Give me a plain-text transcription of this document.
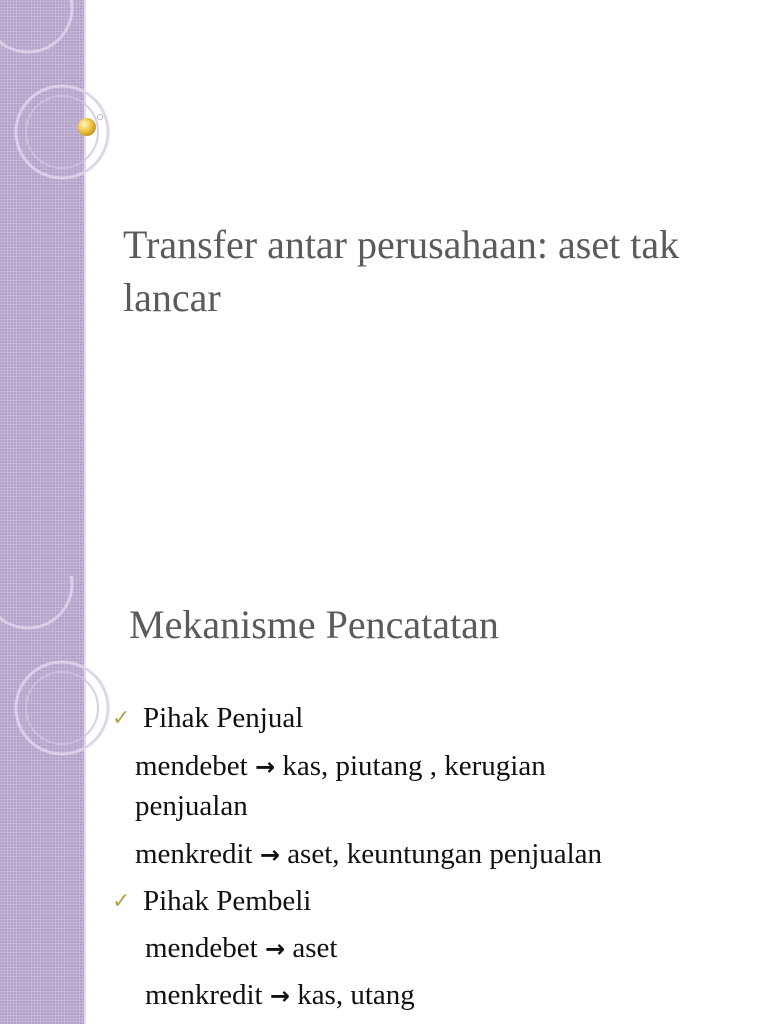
Transfer antar perusahaan: aset tak lancar
Mekanisme Pencatatan
✓ Pihak Penjual
mendebet → kas, piutang , kerugian
penjualan
menkredit → aset, keuntungan penjualan
✓ Pihak Pembeli
mendebet → aset
menkredit → kas, utang
